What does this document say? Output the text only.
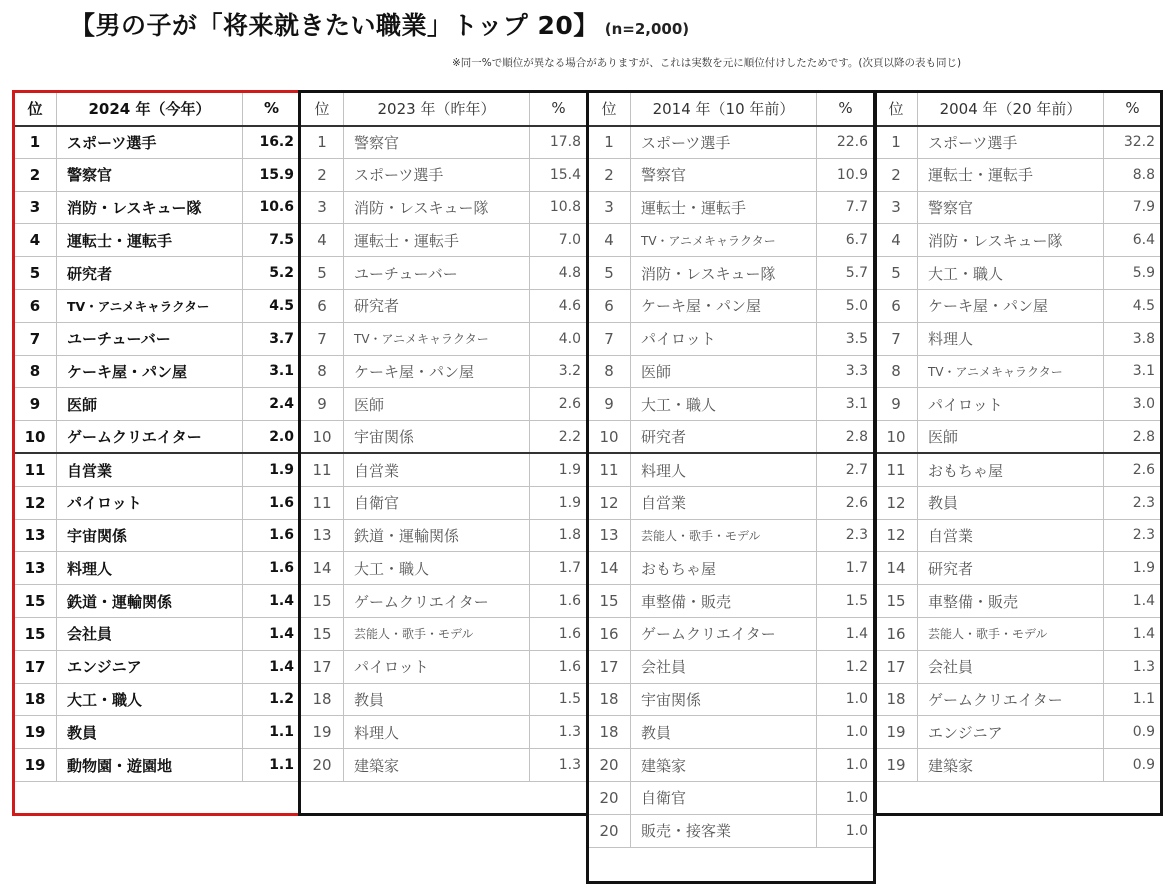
【男の子が「将来就きたい職業」トップ 20】 (n=2,000)
※同一%で順位が異なる場合がありますが、これは実数を元に順位付けしたためです。(次頁以降の表も同じ)
位	2024 年（今年）	%
1	スポーツ選手	16.2
2	警察官	15.9
3	消防・レスキュー隊	10.6
4	運転士・運転手	7.5
5	研究者	5.2
6	TV・アニメキャラクター	4.5
7	ユーチューバー	3.7
8	ケーキ屋・パン屋	3.1
9	医師	2.4
10	ゲームクリエイター	2.0
11	自営業	1.9
12	パイロット	1.6
13	宇宙関係	1.6
13	料理人	1.6
15	鉄道・運輸関係	1.4
15	会社員	1.4
17	エンジニア	1.4
18	大工・職人	1.2
19	教員	1.1
19	動物園・遊園地	1.1
位	2023 年（昨年）	%
1	警察官	17.8
2	スポーツ選手	15.4
3	消防・レスキュー隊	10.8
4	運転士・運転手	7.0
5	ユーチューバー	4.8
6	研究者	4.6
7	TV・アニメキャラクター	4.0
8	ケーキ屋・パン屋	3.2
9	医師	2.6
10	宇宙関係	2.2
11	自営業	1.9
11	自衛官	1.9
13	鉄道・運輸関係	1.8
14	大工・職人	1.7
15	ゲームクリエイター	1.6
15	芸能人・歌手・モデル	1.6
17	パイロット	1.6
18	教員	1.5
19	料理人	1.3
20	建築家	1.3
位	2014 年（10 年前）	%
1	スポーツ選手	22.6
2	警察官	10.9
3	運転士・運転手	7.7
4	TV・アニメキャラクター	6.7
5	消防・レスキュー隊	5.7
6	ケーキ屋・パン屋	5.0
7	パイロット	3.5
8	医師	3.3
9	大工・職人	3.1
10	研究者	2.8
11	料理人	2.7
12	自営業	2.6
13	芸能人・歌手・モデル	2.3
14	おもちゃ屋	1.7
15	車整備・販売	1.5
16	ゲームクリエイター	1.4
17	会社員	1.2
18	宇宙関係	1.0
18	教員	1.0
20	建築家	1.0
20	自衛官	1.0
20	販売・接客業	1.0
位	2004 年（20 年前）	%
1	スポーツ選手	32.2
2	運転士・運転手	8.8
3	警察官	7.9
4	消防・レスキュー隊	6.4
5	大工・職人	5.9
6	ケーキ屋・パン屋	4.5
7	料理人	3.8
8	TV・アニメキャラクター	3.1
9	パイロット	3.0
10	医師	2.8
11	おもちゃ屋	2.6
12	教員	2.3
12	自営業	2.3
14	研究者	1.9
15	車整備・販売	1.4
16	芸能人・歌手・モデル	1.4
17	会社員	1.3
18	ゲームクリエイター	1.1
19	エンジニア	0.9
19	建築家	0.9
